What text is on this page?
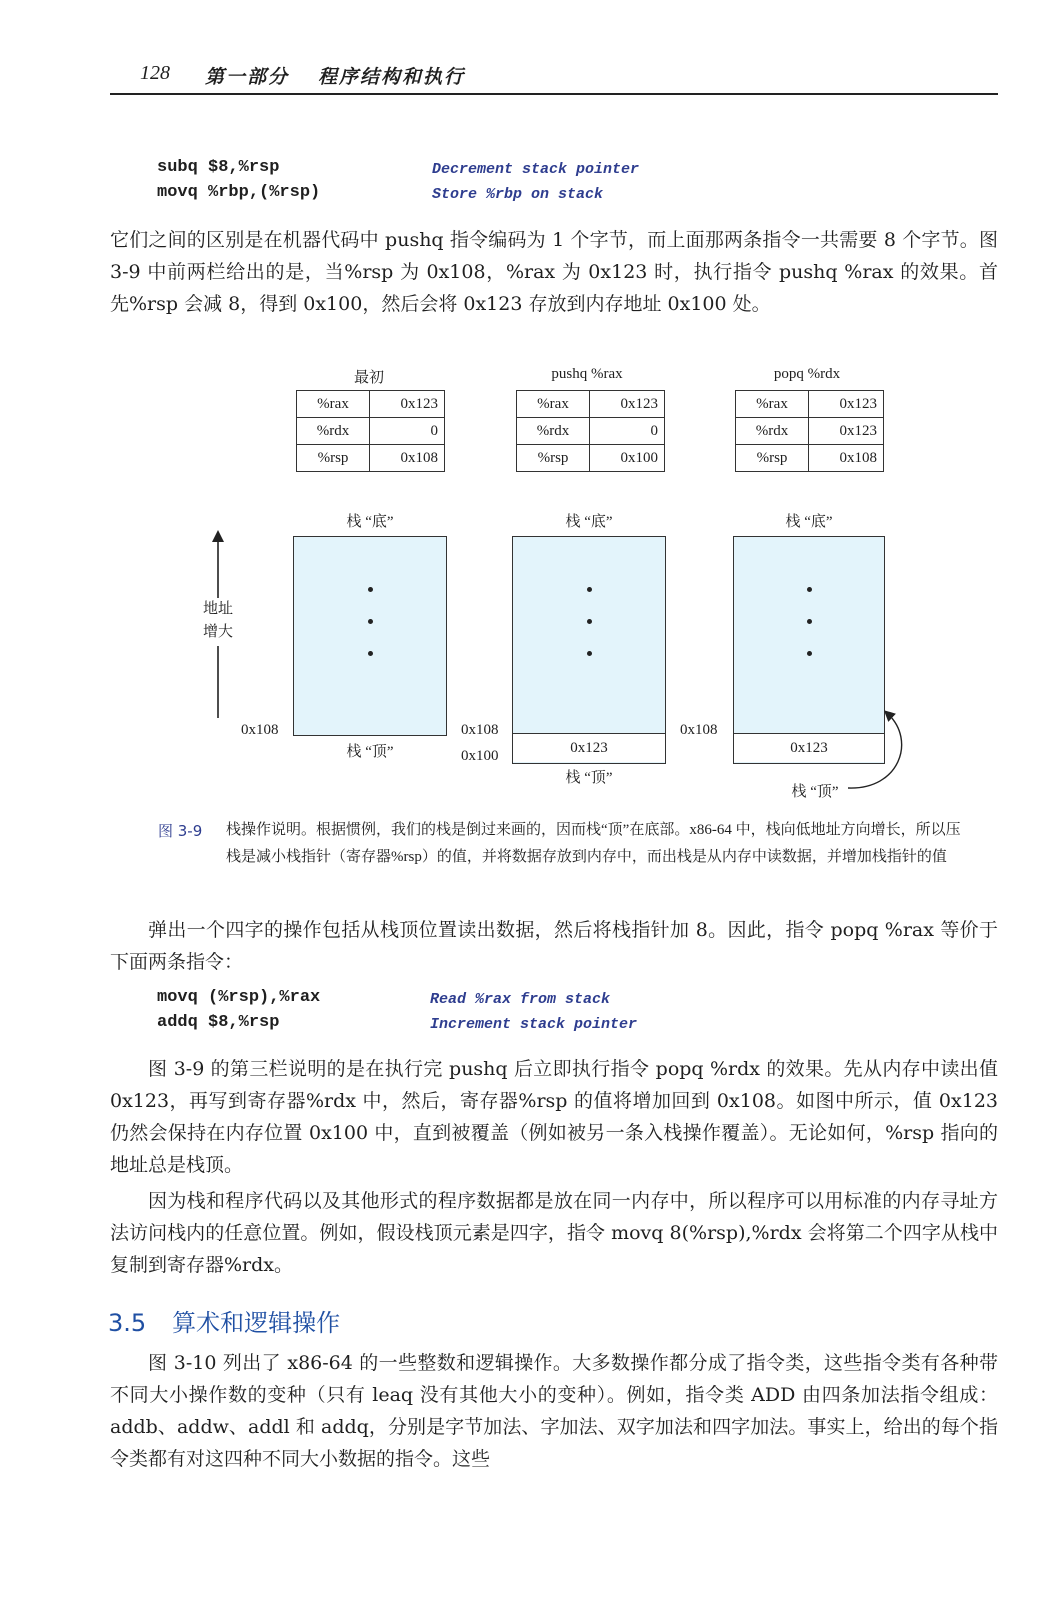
128 第一部分 程序结构和执行
subq $8,%rsp	Decrement stack pointer
movq %rbp,(%rsp)	Store %rbp on stack

它们之间的区别是在机器代码中 pushq 指令编码为 1 个字节，而上面那两条指令一共需要 8 个字节。图 3-9 中前两栏给出的是，当%rsp 为 0x108，%rax 为 0x123 时，执行指令 pushq %rax 的效果。首先%rsp 会减 8，得到 0x100，然后会将 0x123 存放到内存地址 0x100 处。

最初
%rax	0x123
%rdx	0
%rsp	0x108
栈 “底”
0x108
栈 “顶”
pushq %rax
%rax	0x123
%rdx	0
%rsp	0x100
栈 “底”
0x123
0x108
0x100
栈 “顶”
popq %rdx
%rax	0x123
%rdx	0x123
%rsp	0x108
栈 “底”
0x123
0x108
栈 “顶”
地址
增大
图 3-9 栈操作说明。根据惯例，我们的栈是倒过来画的，因而栈“顶”在底部。x86-64 中，栈向低地址方向增长，所以压栈是减小栈指针（寄存器%rsp）的值，并将数据存放到内存中，而出栈是从内存中读数据，并增加栈指针的值

弹出一个四字的操作包括从栈顶位置读出数据，然后将栈指针加 8。因此，指令 popq %rax 等价于下面两条指令：

movq (%rsp),%rax	Read %rax from stack
addq $8,%rsp	Increment stack pointer

图 3-9 的第三栏说明的是在执行完 pushq 后立即执行指令 popq %rdx 的效果。先从内存中读出值 0x123，再写到寄存器%rdx 中，然后，寄存器%rsp 的值将增加回到 0x108。如图中所示，值 0x123 仍然会保持在内存位置 0x100 中，直到被覆盖（例如被另一条入栈操作覆盖）。无论如何，%rsp 指向的地址总是栈顶。

因为栈和程序代码以及其他形式的程序数据都是放在同一内存中，所以程序可以用标准的内存寻址方法访问栈内的任意位置。例如，假设栈顶元素是四字，指令 movq 8(%rsp),%rdx 会将第二个四字从栈中复制到寄存器%rdx。

3.5 算术和逻辑操作

图 3-10 列出了 x86-64 的一些整数和逻辑操作。大多数操作都分成了指令类，这些指令类有各种带不同大小操作数的变种（只有 leaq 没有其他大小的变种）。例如，指令类 ADD 由四条加法指令组成：addb、addw、addl 和 addq，分别是字节加法、字加法、双字加法和四字加法。事实上，给出的每个指令类都有对这四种不同大小数据的指令。这些
